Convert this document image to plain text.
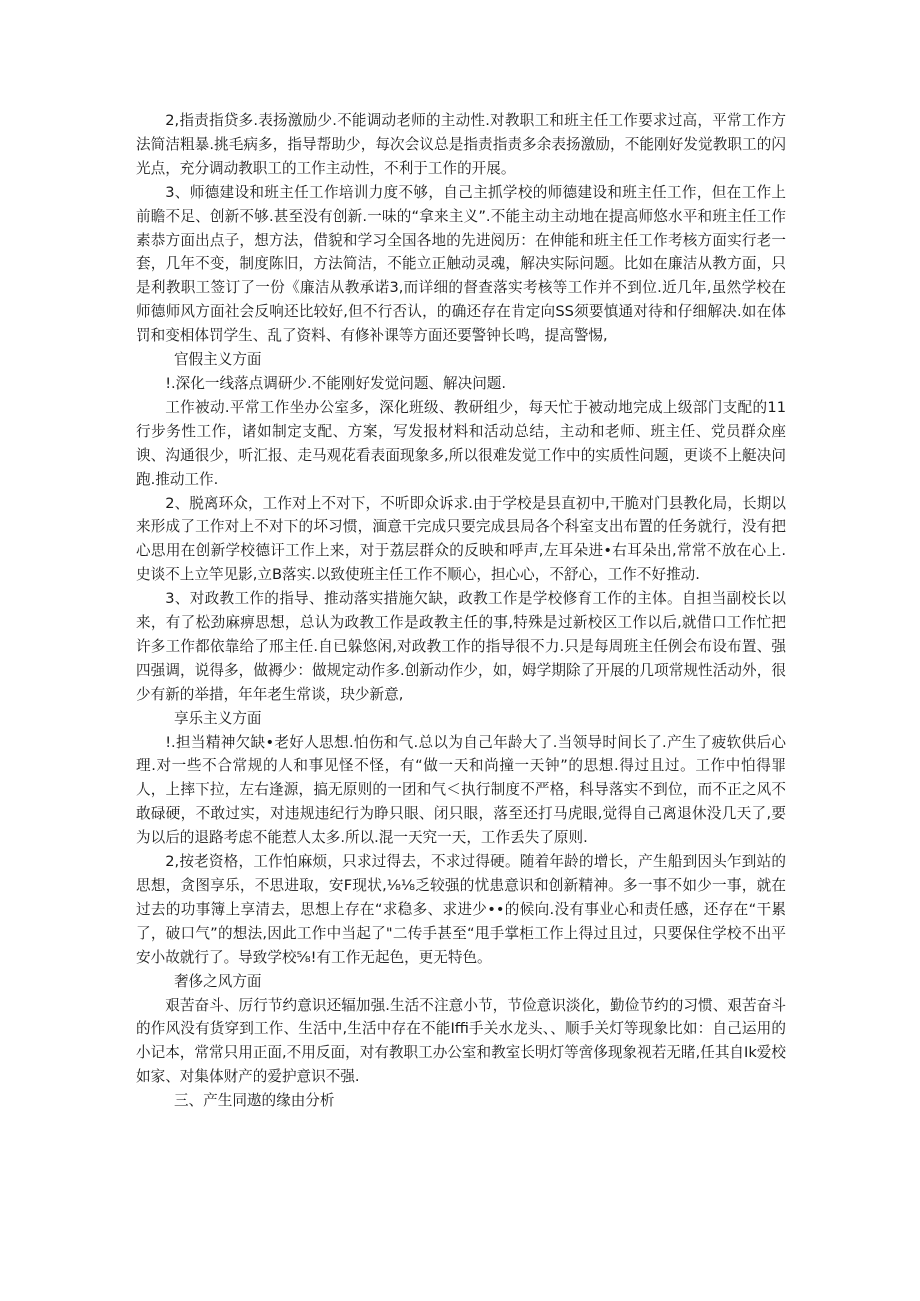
2,指责指贷多.表扬激励少.不能调动老师的主动性.对教职工和班主任工作要求过高，平常工作方法简洁粗暴.挑毛病多，指导帮助少，每次会议总是指责指责多余表扬激励，不能刚好发觉教职工的闪光点，充分调动教职工的工作主动性，不利于工作的开展。

3、师德建设和班主任工作培训力度不够，自己主抓学校的师德建设和班主任工作，但在工作上前瞻不足、创新不够.甚至没有创新.一味的“拿来主义”.不能主动主动地在提高师悠水平和班主任工作素恭方面出点子，想方法，借貌和学习全国各地的先进阅历：在伸能和班主任工作考核方面实行老一套，几年不变，制度陈旧，方法简洁，不能立正触动灵魂，解决实际问题。比如在廉洁从教方面，只是利教职工签订了一份《廉洁从教承诺3,而详细的督查落实考核等工作并不到位.近几年,虽然学校在师德师风方面社会反响还比较好,但不行否认，的确还存在肯定向SS须要慎通对待和仔细解决.如在体罚和变相体罚学生、乱了资料、有修补课等方面还要警钟长鸣，提高警惕,

官假主义方面

!.深化一线落点调研少.不能刚好发觉问题、解决问题.

工作被动.平常工作坐办公室多，深化班级、教研组少，每天忙于被动地完成上级部门支配的11行步务性工作，诸如制定支配、方案，写发报材料和活动总结，主动和老师、班主任、党员群众座谀、沟通很少，听汇报、走马观花看表面现象多,所以很难发觉工作中的实质性问题，更谈不上艇决问跑.推动工作.

2、脱离环众，工作对上不对下，不听即众诉求.由于学校是县直初中,干脆对门县教化局，长期以来形成了工作对上不对下的坏习惯，湎意干完成只要完成县局各个科室支出布置的任务就行，没有把心思用在创新学校德讦工作上来，对于荔层群众的反映和呼声,左耳朵进•右耳朵出,常常不放在心上.史谈不上立竿见影,立B落实.以致使班主任工作不顺心，担心心，不舒心，工作不好推动.

3、对政教工作的指导、推动落实措施欠缺，政教工作是学校修育工作的主体。自担当副校长以来，有了松劲麻痹思想，总认为政教工作是政教主任的事,特殊是过新校区工作以后,就借口工作忙把许多工作都依靠给了邢主任.自已躲悠闲,对政教工作的指导很不力.只是每周班主任例会布设布置、强四强调，说得多，做褥少：做规定动作多.创新动作少，如，姆学期除了开展的几项常规性活动外，很少有新的举措，年年老生常谈，玦少新意,

享乐主义方面

!.担当精神欠缺•老好人思想.怕伤和气.总以为自己年龄大了.当领导时间长了.产生了疲软供后心理.对一些不合常规的人和事见怪不怪，有“做一天和尚撞一天钟”的思想.得过且过。工作中怕得罪人，上摔下拉，左右逢源，搞无原则的一团和气＜执行制度不严格，科导落实不到位，而不正之风不敢碌硬，不敢过实，对违规违纪行为睁只眼、闭只眼，落至还打马虎眼,觉得自己离退休没几天了,要为以后的退路考虑不能惹人太多.所以.混一天究一天，工作丢失了原则.

2,按老资格，工作怕麻烦，只求过得去，不求过得硬。随着年龄的增长，产生船到因头乍到站的思想，贪图享乐，不思进取，安F现状,⅛⅛乏较强的忧患意识和创新精神。多一事不如少一事，就在过去的功事簿上享清去，思想上存在“求稳多、求进少••的候向.没有事业心和责任感，还存在“干累了，破口气”的想法,因此工作中当起了"二传手甚至“甩手掌柜工作上得过且过，只要保住学校不出平安小故就行了。导致学校⅝!有工作无起色，更无特色。

奢侈之风方面

艰苦奋斗、厉行节约意识还辐加强.生活不注意小节，节俭意识淡化，勤俭节约的习惯、艰苦奋斗的作风没有货穿到工作、生活中,生活中存在不能Iffi手关水龙头、、顺手关灯等现象比如：自己运用的小记本，常常只用正面,不用反面，对有教职工办公室和教室长明灯等啻侈现象视若无睹,任其自Ik爱校如家、对集体财产的爱护意识不强.

三、产生同遨的缘由分析
